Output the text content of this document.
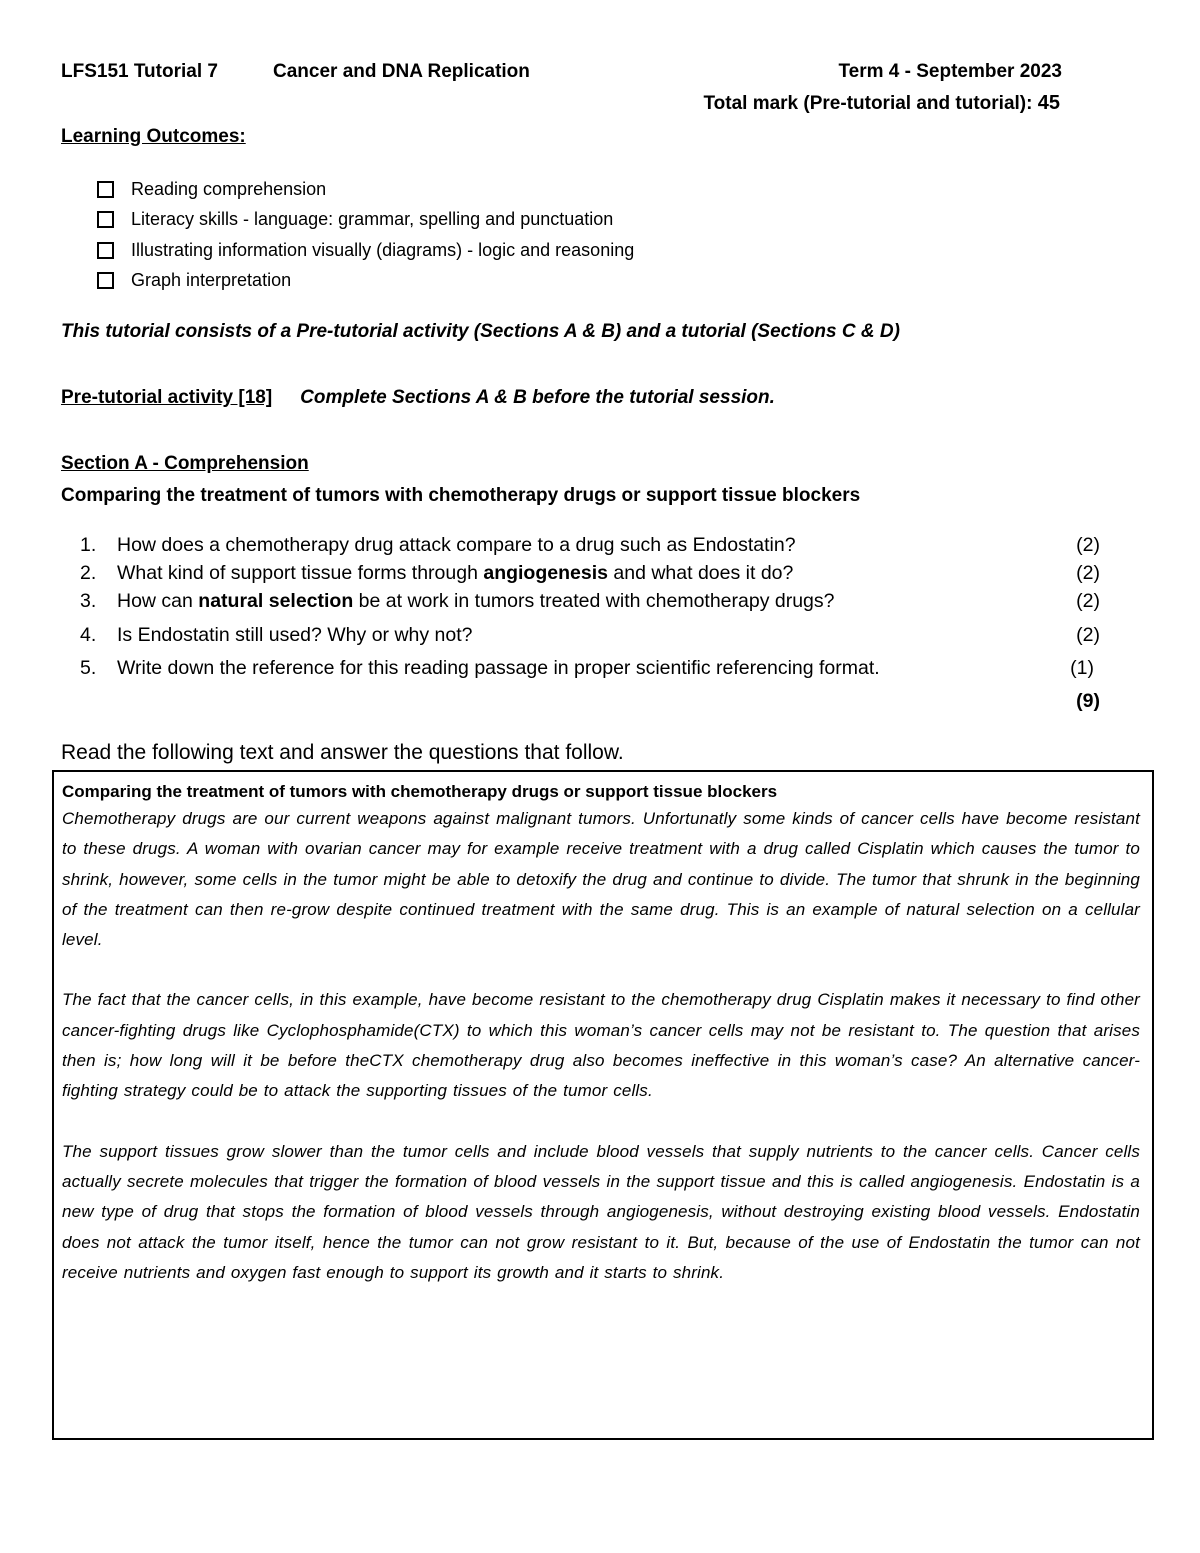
LFS151 Tutorial 7	Cancer and DNA Replication	Term 4 - September 2023
Total mark (Pre-tutorial and tutorial): 45
Learning Outcomes:
Reading comprehension
Literacy skills - language: grammar, spelling and punctuation
Illustrating information visually (diagrams) - logic and reasoning
Graph interpretation
This tutorial consists of a Pre-tutorial activity (Sections A & B) and a tutorial (Sections C & D)
Pre-tutorial activity [18] Complete Sections A & B before the tutorial session.
Section A - Comprehension
Comparing the treatment of tumors with chemotherapy drugs or support tissue blockers
1.	How does a chemotherapy drug attack compare to a drug such as Endostatin?	(2)
2.	What kind of support tissue forms through angiogenesis and what does it do?	(2)
3.	How can natural selection be at work in tumors treated with chemotherapy drugs?	(2)
4.	Is Endostatin still used? Why or why not?	(2)
5.	Write down the reference for this reading passage in proper scientific referencing format.	(1)
(9)
Read the following text and answer the questions that follow.
Comparing the treatment of tumors with chemotherapy drugs or support tissue blockers

Chemotherapy drugs are our current weapons against malignant tumors. Unfortunatly some kinds of cancer cells have become resistant to these drugs. A woman with ovarian cancer may for example receive treatment with a drug called Cisplatin which causes the tumor to shrink, however, some cells in the tumor might be able to detoxify the drug and continue to divide. The tumor that shrunk in the beginning of the treatment can then re-grow despite continued treatment with the same drug. This is an example of natural selection on a cellular level.

The fact that the cancer cells, in this example, have become resistant to the chemotherapy drug Cisplatin makes it necessary to find other cancer-fighting drugs like Cyclophosphamide(CTX) to which this woman’s cancer cells may not be resistant to. The question that arises then is; how long will it be before theCTX chemotherapy drug also becomes ineffective in this woman’s case? An alternative cancer-fighting strategy could be to attack the supporting tissues of the tumor cells.

The support tissues grow slower than the tumor cells and include blood vessels that supply nutrients to the cancer cells. Cancer cells actually secrete molecules that trigger the formation of blood vessels in the support tissue and this is called angiogenesis. Endostatin is a new type of drug that stops the formation of blood vessels through angiogenesis, without destroying existing blood vessels. Endostatin does not attack the tumor itself, hence the tumor can not grow resistant to it. But, because of the use of Endostatin the tumor can not receive nutrients and oxygen fast enough to support its growth and it starts to shrink.
